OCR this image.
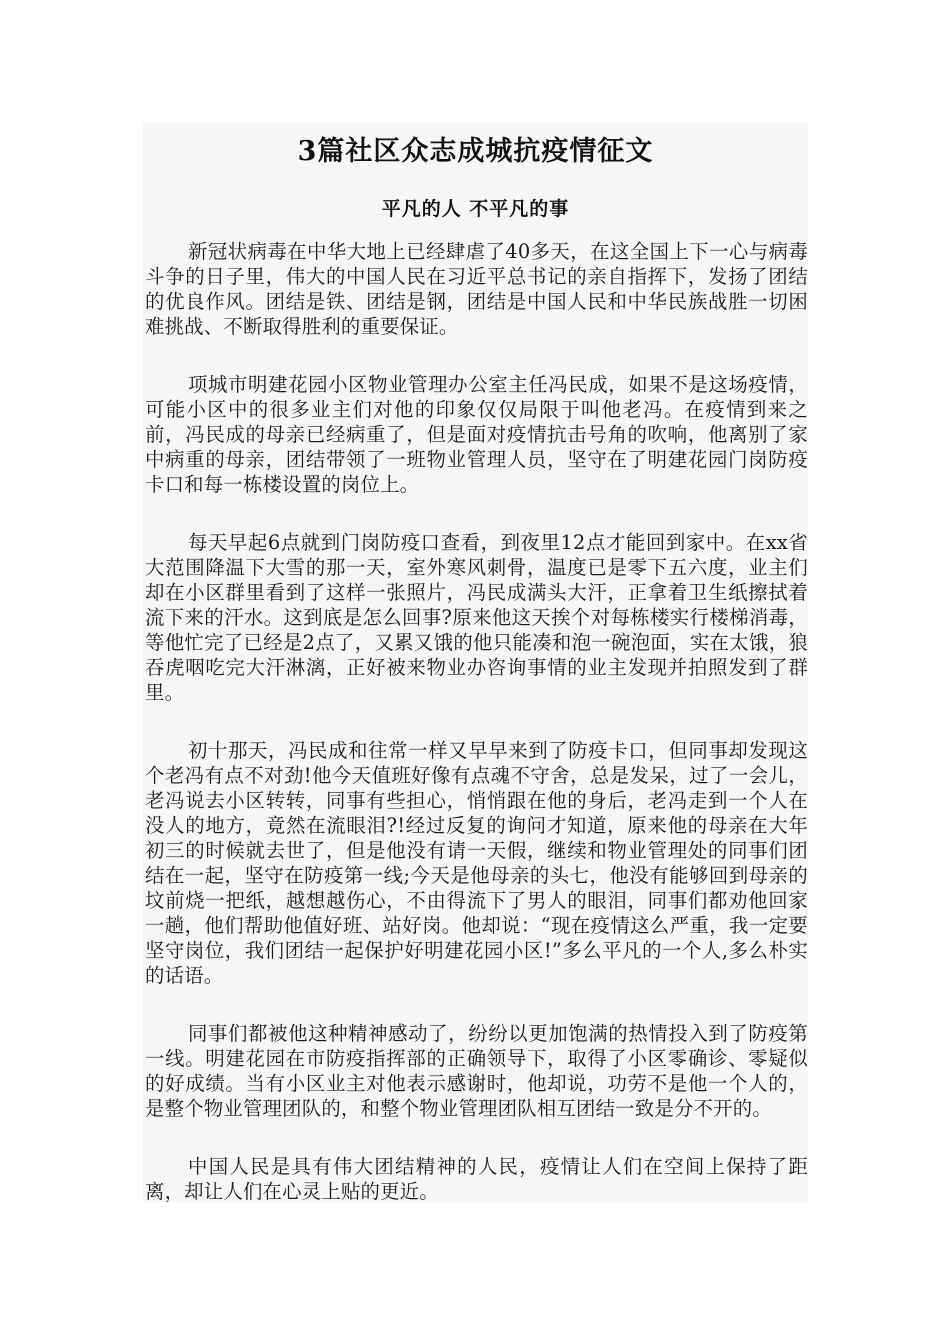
3篇社区众志成城抗疫情征文
平凡的人 不平凡的事

新冠状病毒在中华大地上已经肆虐了40多天，在这全国上下一心与病毒斗争的日子里，伟大的中国人民在习近平总书记的亲自指挥下，发扬了团结的优良作风。团结是铁、团结是钢，团结是中国人民和中华民族战胜一切困难挑战、不断取得胜利的重要保证。

项城市明建花园小区物业管理办公室主任冯民成，如果不是这场疫情，可能小区中的很多业主们对他的印象仅仅局限于叫他老冯。在疫情到来之前，冯民成的母亲已经病重了，但是面对疫情抗击号角的吹响，他离别了家中病重的母亲，团结带领了一班物业管理人员，坚守在了明建花园门岗防疫卡口和每一栋楼设置的岗位上。

每天早起6点就到门岗防疫口查看，到夜里12点才能回到家中。在xx省大范围降温下大雪的那一天，室外寒风刺骨，温度已是零下五六度，业主们却在小区群里看到了这样一张照片，冯民成满头大汗，正拿着卫生纸擦拭着流下来的汗水。这到底是怎么回事?原来他这天挨个对每栋楼实行楼梯消毒，等他忙完了已经是2点了，又累又饿的他只能凑和泡一碗泡面，实在太饿，狼吞虎咽吃完大汗淋漓，正好被来物业办咨询事情的业主发现并拍照发到了群里。

初十那天，冯民成和往常一样又早早来到了防疫卡口，但同事却发现这个老冯有点不对劲!他今天值班好像有点魂不守舍，总是发呆，过了一会儿，老冯说去小区转转，同事有些担心，悄悄跟在他的身后，老冯走到一个人在没人的地方，竟然在流眼泪?!经过反复的询问才知道，原来他的母亲在大年初三的时候就去世了，但是他没有请一天假，继续和物业管理处的同事们团结在一起，坚守在防疫第一线;今天是他母亲的头七，他没有能够回到母亲的坟前烧一把纸，越想越伤心，不由得流下了男人的眼泪，同事们都劝他回家一趟，他们帮助他值好班、站好岗。他却说：“现在疫情这么严重，我一定要坚守岗位，我们团结一起保护好明建花园小区!”多么平凡的一个人,多么朴实的话语。

同事们都被他这种精神感动了，纷纷以更加饱满的热情投入到了防疫第一线。明建花园在市防疫指挥部的正确领导下，取得了小区零确诊、零疑似的好成绩。当有小区业主对他表示感谢时，他却说，功劳不是他一个人的，是整个物业管理团队的，和整个物业管理团队相互团结一致是分不开的。

中国人民是具有伟大团结精神的人民，疫情让人们在空间上保持了距离，却让人们在心灵上贴的更近。
